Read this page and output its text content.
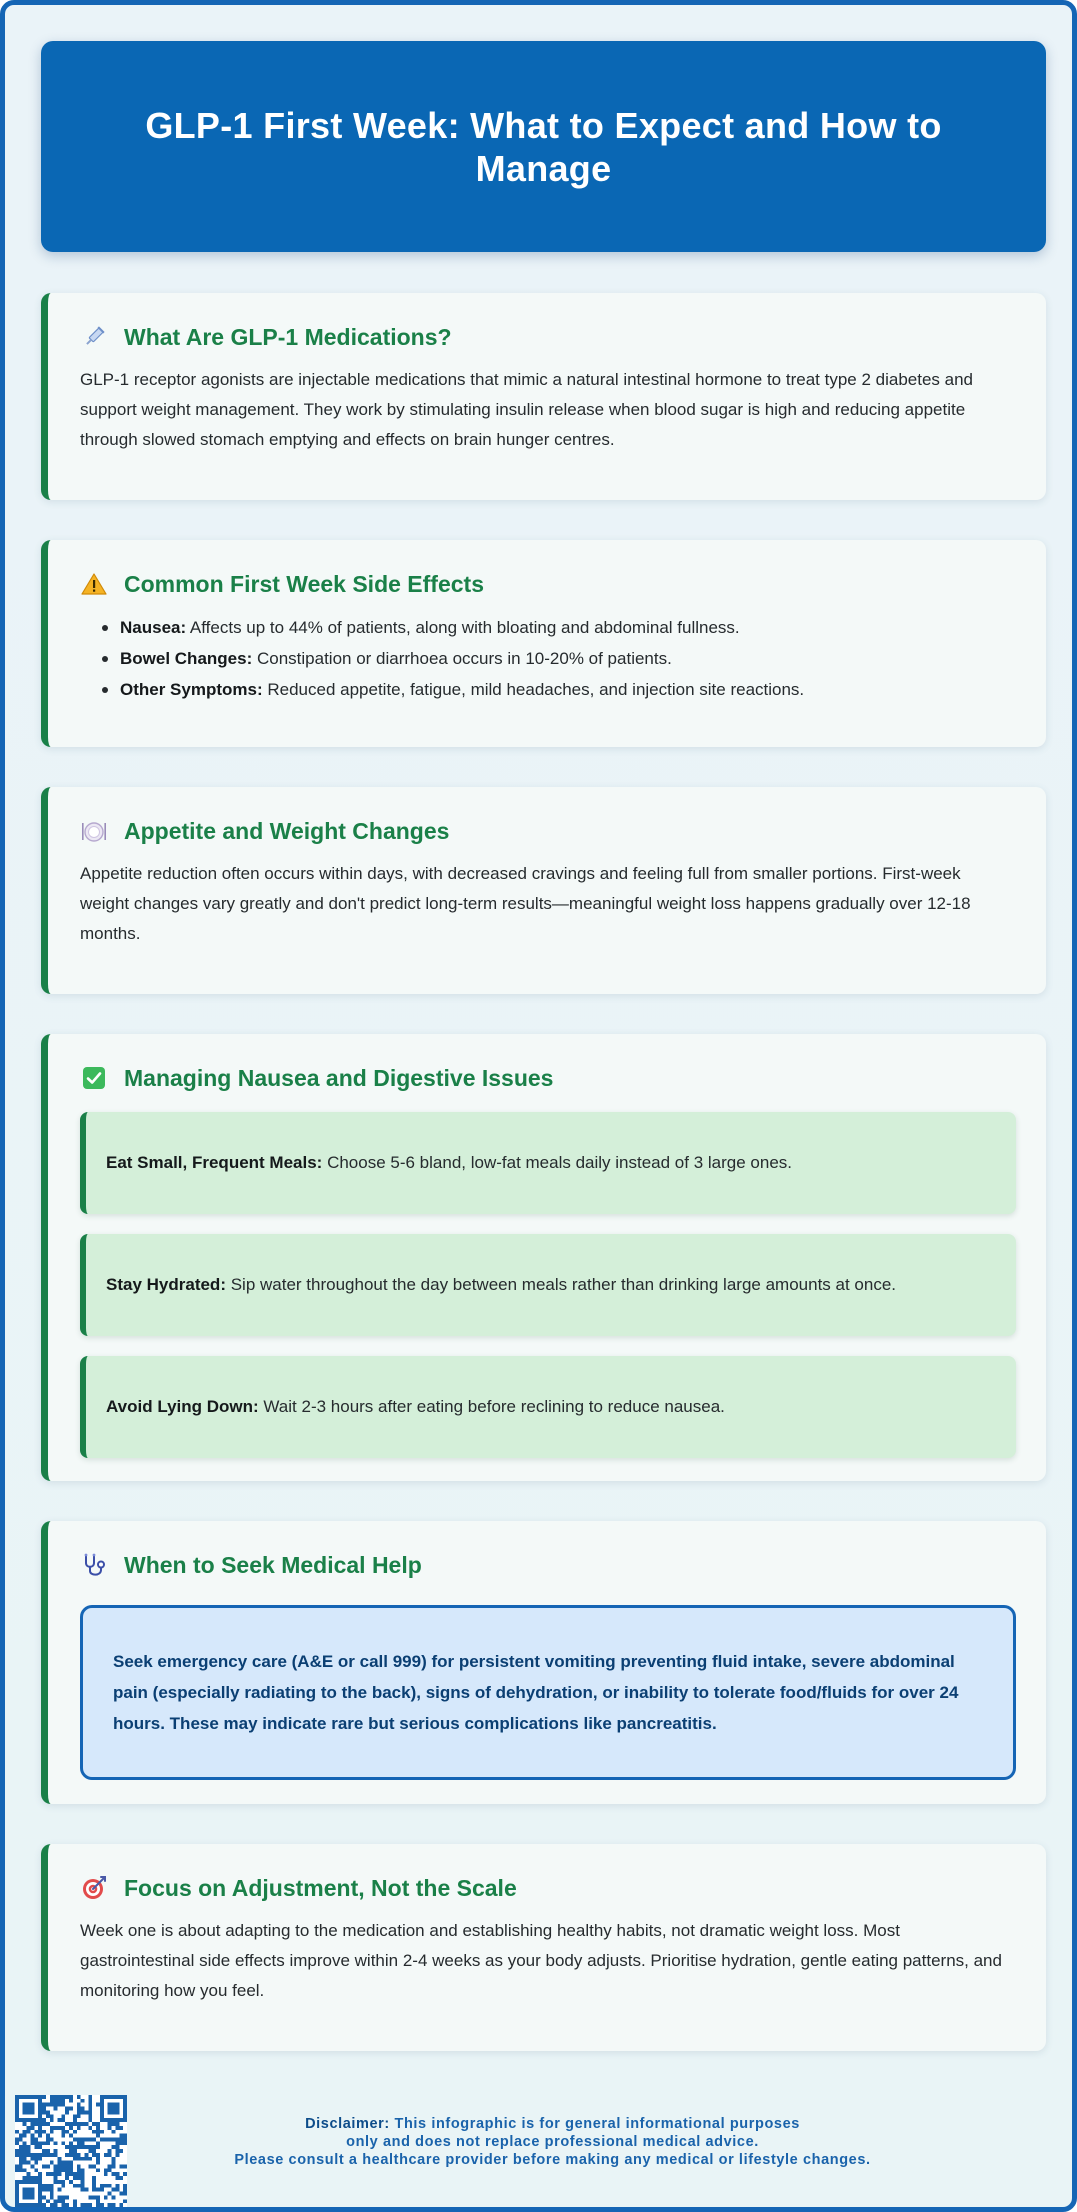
GLP-1 First Week: What to Expect and How to Manage
What Are GLP-1 Medications?

GLP-1 receptor agonists are injectable medications that mimic a natural intestinal hormone to treat type 2 diabetes and support weight management. They work by stimulating insulin release when blood sugar is high and reducing appetite through slowed stomach emptying and effects on brain hunger centres.

Common First Week Side Effects
Nausea: Affects up to 44% of patients, along with bloating and abdominal fullness.
Bowel Changes: Constipation or diarrhoea occurs in 10-20% of patients.
Other Symptoms: Reduced appetite, fatigue, mild headaches, and injection site reactions.
Appetite and Weight Changes

Appetite reduction often occurs within days, with decreased cravings and feeling full from smaller portions. First-week weight changes vary greatly and don't predict long-term results—meaningful weight loss happens gradually over 12-18 months.

Managing Nausea and Digestive Issues
Eat Small, Frequent Meals: Choose 5-6 bland, low-fat meals daily instead of 3 large ones.
Stay Hydrated: Sip water throughout the day between meals rather than drinking large amounts at once.
Avoid Lying Down: Wait 2-3 hours after eating before reclining to reduce nausea.
When to Seek Medical Help

Seek emergency care (A&E or call 999) for persistent vomiting preventing fluid intake, severe abdominal pain (especially radiating to the back), signs of dehydration, or inability to tolerate food/fluids for over 24 hours. These may indicate rare but serious complications like pancreatitis.

Focus on Adjustment, Not the Scale

Week one is about adapting to the medication and establishing healthy habits, not dramatic weight loss. Most gastrointestinal side effects improve within 2-4 weeks as your body adjusts. Prioritise hydration, gentle eating patterns, and monitoring how you feel.

Disclaimer: This infographic is for general informational purposes
only and does not replace professional medical advice.
Please consult a healthcare provider before making any medical or lifestyle changes.
